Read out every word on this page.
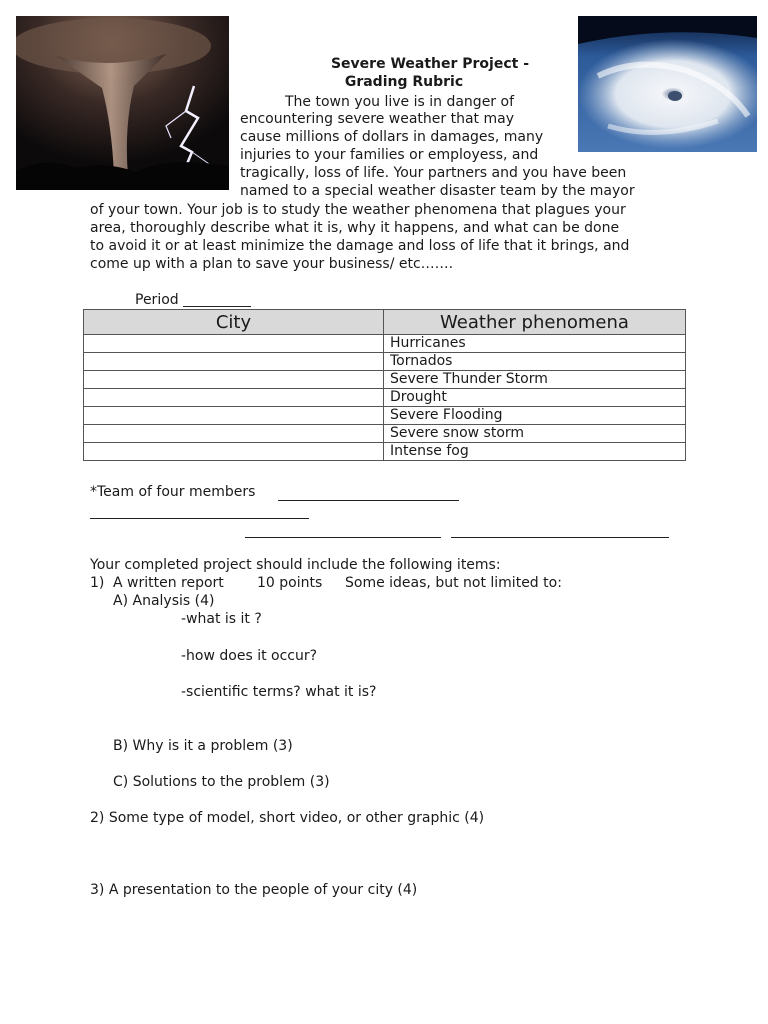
Severe Weather Project -
Grading Rubric
The town you live is in danger of
encountering severe weather that may
cause millions of dollars in damages, many
injuries to your families or employess, and
tragically, loss of life. Your partners and you have been
named to a special weather disaster team by the mayor
of your town. Your job is to study the weather phenomena that plagues your
area, thoroughly describe what it is, why it happens, and what can be done
to avoid it or at least minimize the damage and loss of life that it brings, and
come up with a plan to save your business/ etc…….
Period
City	Weather phenomena
	Hurricanes
	Tornados
	Severe Thunder Storm
	Drought
	Severe Flooding
	Severe snow storm
	Intense fog
*Team of four members
Your completed project should include the following items:
1) A written report 10 points Some ideas, but not limited to:
A) Analysis (4)
-what is it ?
-how does it occur?
-scientific terms? what it is?
B) Why is it a problem (3)
C) Solutions to the problem (3)
2) Some type of model, short video, or other graphic (4)
3) A presentation to the people of your city (4)
